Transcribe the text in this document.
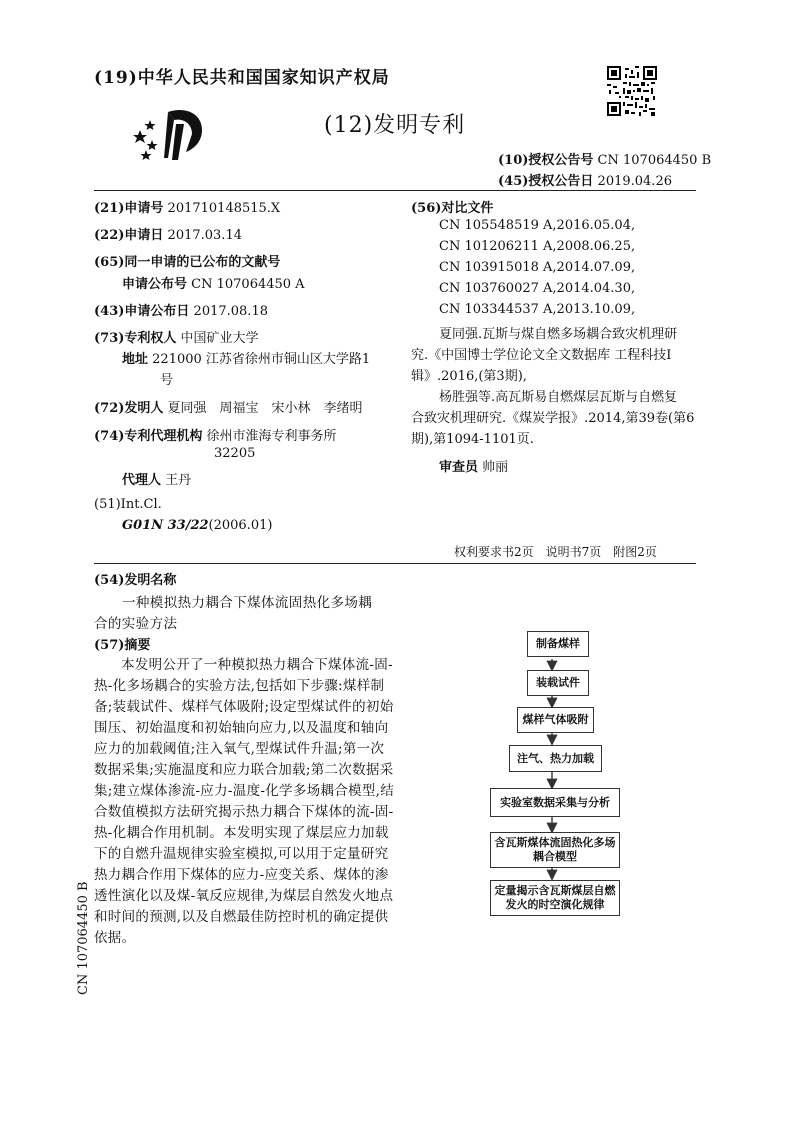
(19)中华人民共和国国家知识产权局
(12)发明专利
(10)授权公告号 CN 107064450 B
(45)授权公告日 2019.04.26
(21)申请号 201710148515.X
(22)申请日 2017.03.14
(65)同一申请的已公布的文献号
申请公布号 CN 107064450 A
(43)申请公布日 2017.08.18
(73)专利权人 中国矿业大学
地址 221000 江苏省徐州市铜山区大学路1
号
(72)发明人 夏同强　周福宝　宋小林　李绪明
(74)专利代理机构 徐州市淮海专利事务所
32205
代理人 王丹
(51)Int.Cl.
G01N 33/22(2006.01)
(56)对比文件
CN 105548519 A,2016.05.04,
CN 101206211 A,2008.06.25,
CN 103915018 A,2014.07.09,
CN 103760027 A,2014.04.30,
CN 103344537 A,2013.10.09,
夏同强.瓦斯与煤自燃多场耦合致灾机理研
究.《中国博士学位论文全文数据库 工程科技I
辑》.2016,(第3期),
杨胜强等.高瓦斯易自燃煤层瓦斯与自燃复
合致灾机理研究.《煤炭学报》.2014,第39卷(第6
期),第1094-1101页.
审查员 帅丽
权利要求书2页　说明书7页　附图2页
(54)发明名称
一种模拟热力耦合下煤体流固热化多场耦
合的实验方法
(57)摘要
本发明公开了一种模拟热力耦合下煤体流-固-热-化多场耦合的实验方法,包括如下步骤:煤样制备;装载试件、煤样气体吸附;设定型煤试件的初始围压、初始温度和初始轴向应力,以及温度和轴向应力的加载阈值;注入氧气,型煤试件升温;第一次数据采集;实施温度和应力联合加载;第二次数据采集;建立煤体渗流-应力-温度-化学多场耦合模型,结合数值模拟方法研究揭示热力耦合下煤体的流-固-热-化耦合作用机制。本发明实现了煤层应力加载下的自燃升温规律实验室模拟,可以用于定量研究热力耦合作用下煤体的应力-应变关系、煤体的渗透性演化以及煤-氧反应规律,为煤层自然发火地点和时间的预测,以及自燃最佳防控时机的确定提供依据。
制备煤样
装载试件
煤样气体吸附
注气、热力加载
实验室数据采集与分析
含瓦斯煤体流固热化多场耦合模型
定量揭示含瓦斯煤层自燃发火的时空演化规律
CN 107064450 B
